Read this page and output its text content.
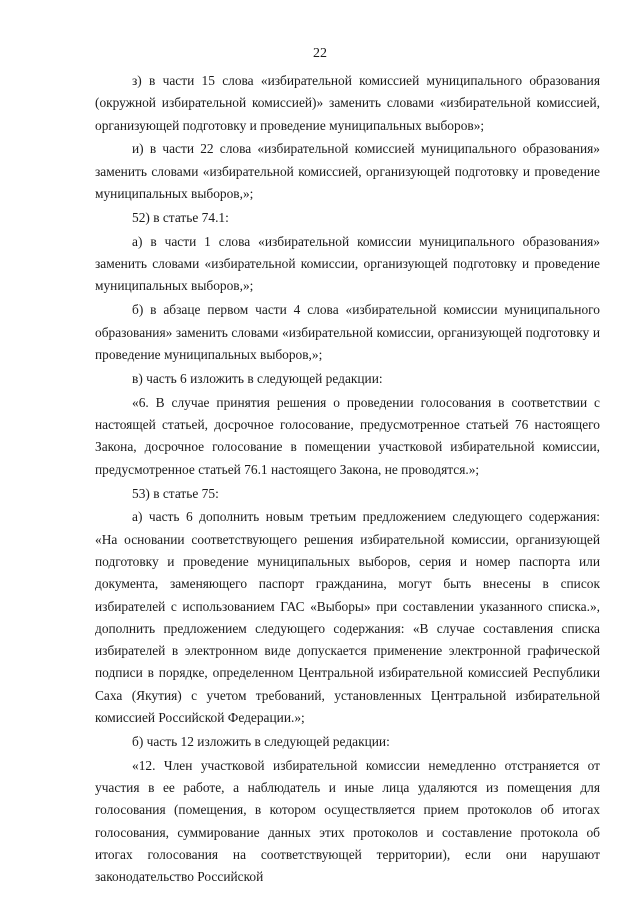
22

з) в части 15 слова «избирательной комиссией муниципального образования (окружной избирательной комиссией)» заменить словами «избирательной комиссией, организующей подготовку и проведение муниципальных выборов»;

и) в части 22 слова «избирательной комиссией муниципального образования» заменить словами «избирательной комиссией, организующей подготовку и проведение муниципальных выборов,»;

52) в статье 74.1:

а) в части 1 слова «избирательной комиссии муниципального образования» заменить словами «избирательной комиссии, организующей подготовку и проведение муниципальных выборов,»;

б) в абзаце первом части 4 слова «избирательной комиссии муниципального образования» заменить словами «избирательной комиссии, организующей подготовку и проведение муниципальных выборов,»;

в) часть 6 изложить в следующей редакции:

«6. В случае принятия решения о проведении голосования в соответствии с настоящей статьей, досрочное голосование, предусмотренное статьей 76 настоящего Закона, досрочное голосование в помещении участковой избирательной комиссии, предусмотренное статьей 76.1 настоящего Закона, не проводятся.»;

53) в статье 75:

а) часть 6 дополнить новым третьим предложением следующего содержания: «На основании соответствующего решения избирательной комиссии, организующей подготовку и проведение муниципальных выборов, серия и номер паспорта или документа, заменяющего паспорт гражданина, могут быть внесены в список избирателей с использованием ГАС «Выборы» при составлении указанного списка.», дополнить предложением следующего содержания: «В случае составления списка избирателей в электронном виде допускается применение электронной графической подписи в порядке, определенном Центральной избирательной комиссией Республики Саха (Якутия) с учетом требований, установленных Центральной избирательной комиссией Российской Федерации.»;

б) часть 12 изложить в следующей редакции:

«12. Член участковой избирательной комиссии немедленно отстраняется от участия в ее работе, а наблюдатель и иные лица удаляются из помещения для голосования (помещения, в котором осуществляется прием протоколов об итогах голосования, суммирование данных этих протоколов и составление протокола об итогах голосования на соответствующей территории), если они нарушают законодательство Российской
